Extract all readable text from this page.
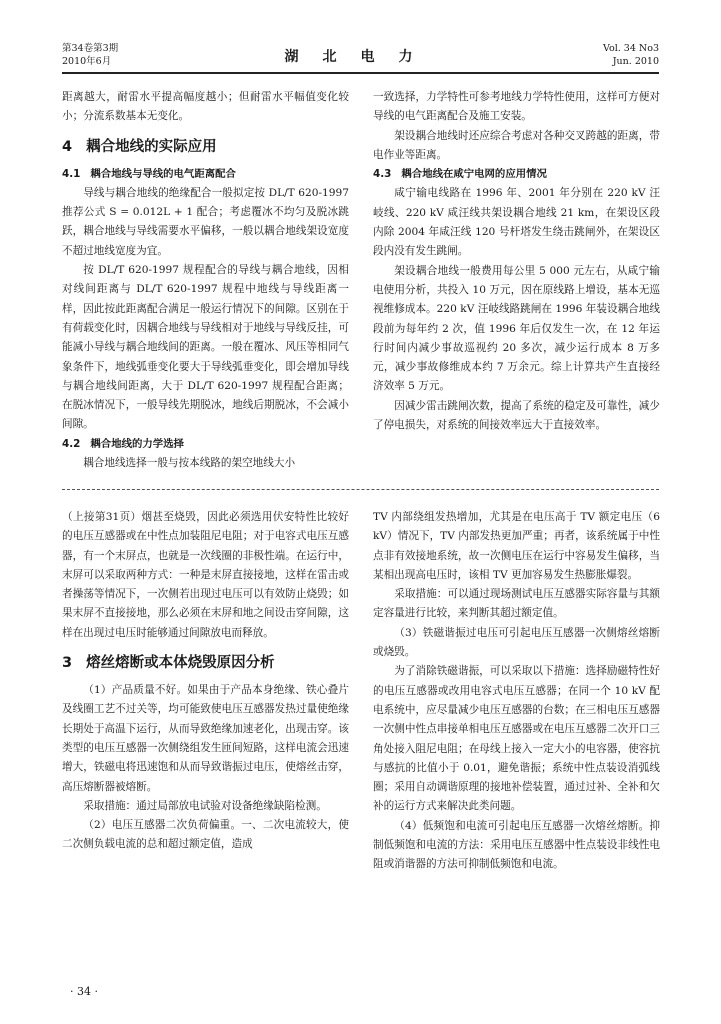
第34卷第3期
2010年6月	湖北电力
Vol. 34 No3
Jun. 2010

距离越大，耐雷水平提高幅度越小；但耐雷水平幅值变化较小；分流系数基本无变化。

4 耦合地线的实际应用
4.1 耦合地线与导线的电气距离配合

导线与耦合地线的绝缘配合一般拟定按 DL/T 620-1997 推荐公式 S = 0.012L + 1 配合；考虑覆冰不均匀及脱冰跳跃，耦合地线与导线需要水平偏移，一般以耦合地线架设宽度不超过地线宽度为宜。

按 DL/T 620-1997 规程配合的导线与耦合地线，因相对线间距离与 DL/T 620-1997 规程中地线与导线距离一样，因此按此距离配合满足一般运行情况下的间隙。区别在于有荷载变化时，因耦合地线与导线相对于地线与导线反挂，可能减小导线与耦合地线间的距离。一般在覆冰、风压等相同气象条件下，地线弧垂变化要大于导线弧垂变化，即会增加导线与耦合地线间距离，大于 DL/T 620-1997 规程配合距离；在脱冰情况下，一般导线先期脱冰，地线后期脱冰，不会减小间隙。

4.2 耦合地线的力学选择

耦合地线选择一般与按本线路的架空地线大小

一致选择，力学特性可参考地线力学特性使用，这样可方便对导线的电气距离配合及施工安装。

架设耦合地线时还应综合考虑对各种交叉跨越的距离，带电作业等距离。

4.3 耦合地线在咸宁电网的应用情况

咸宁输电线路在 1996 年、2001 年分别在 220 kV 汪岐线、220 kV 咸汪线共架设耦合地线 21 km，在架设区段内除 2004 年咸汪线 120 号杆塔发生绕击跳闸外，在架设区段内没有发生跳闸。

架设耦合地线一般费用每公里 5 000 元左右，从咸宁输电使用分析，共投入 10 万元，因在原线路上增设，基本无巡视维修成本。220 kV 汪岐线路跳闸在 1996 年装设耦合地线段前为每年约 2 次，值 1996 年后仅发生一次，在 12 年运行时间内减少事故巡视约 20 多次，减少运行成本 8 万多元，减少事故修维成本约 7 万余元。综上计算共产生直接经济效率 5 万元。

因减少雷击跳闸次数，提高了系统的稳定及可靠性，减少了停电损失，对系统的间接效率远大于直接效率。

（上接第31页）烟甚至烧毁，因此必须选用伏安特性比较好的电压互感器或在中性点加装阻尼电阻；对于电容式电压互感器，有一个末屏点，也就是一次线圈的非极性端。在运行中，末屏可以采取两种方式：一种是末屏直接接地，这样在雷击或者操荡等情况下，一次侧若出现过电压可以有效防止烧毁；如果末屏不直接接地，那么必须在末屏和地之间设击穿间隙，这样在出现过电压时能够通过间隙放电而释放。

3 熔丝熔断或本体烧毁原因分析

（1）产品质量不好。如果由于产品本身绝缘、铁心叠片及线圈工艺不过关等，均可能致使电压互感器发热过量使绝缘长期处于高温下运行，从而导致绝缘加速老化，出现击穿。该类型的电压互感器一次侧绕组发生匝间短路，这样电流会迅速增大，铁磁电将迅速饱和从而导致谐振过电压，使熔丝击穿，高压熔断器被熔断。

采取措施：通过局部放电试验对设备绝缘缺陷检测。

（2）电压互感器二次负荷偏重。一、二次电流较大，使二次侧负载电流的总和超过额定值，造成

TV 内部绕组发热增加，尤其是在电压高于 TV 额定电压（6 kV）情况下，TV 内部发热更加严重；再者，该系统属于中性点非有效接地系统，故一次侧电压在运行中容易发生偏移，当某相出现高电压时，该相 TV 更加容易发生热膨胀爆裂。

采取措施：可以通过现场测试电压互感器实际容量与其额定容量进行比较，来判断其超过额定值。

（3）铁磁谐振过电压可引起电压互感器一次侧熔丝熔断或烧毁。

为了消除铁磁谐振，可以采取以下措施：选择励磁特性好的电压互感器或改用电容式电压互感器；在同一个 10 kV 配电系统中，应尽量减少电压互感器的台数；在三相电压互感器一次侧中性点串接单相电压互感器或在电压互感器二次开口三角处接入阻尼电阻；在母线上接入一定大小的电容器，使容抗与感抗的比值小于 0.01，避免谐振；系统中性点装设消弧线圈；采用自动调谐原理的接地补偿装置，通过过补、全补和欠补的运行方式来解决此类问题。

（4）低频饱和电流可引起电压互感器一次熔丝熔断。抑制低频饱和电流的方法：采用电压互感器中性点装设非线性电阻或消谐器的方法可抑制低频饱和电流。

· 34 ·
